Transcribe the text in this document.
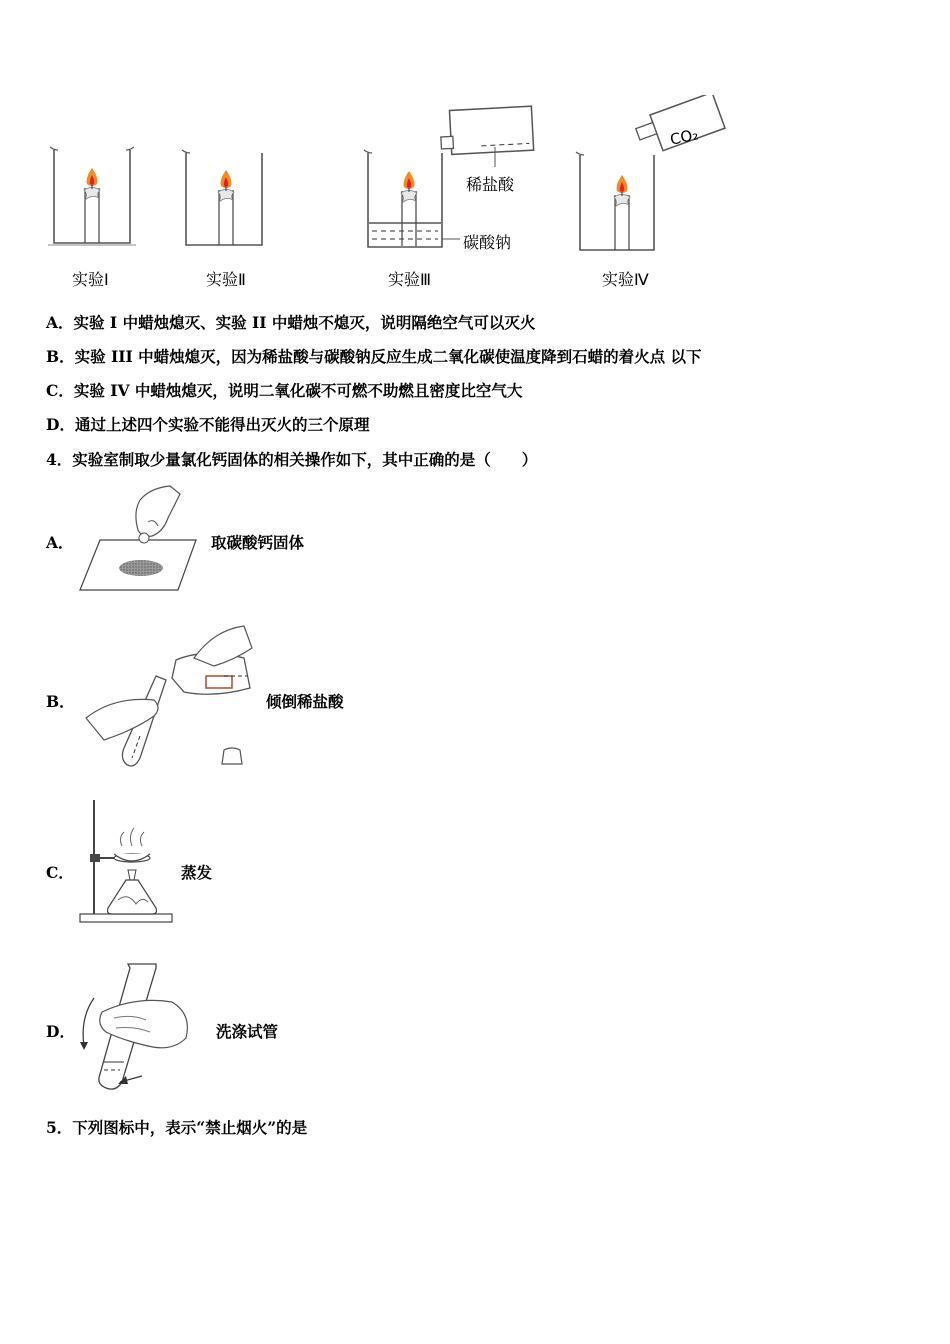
实验Ⅰ	实验Ⅱ	实验Ⅲ	实验Ⅳ
稀盐酸
碳酸钠
CO₂
A．实验 I 中蜡烛熄灭、实验 II 中蜡烛不熄灭，说明隔绝空气可以灭火
B．实验 III 中蜡烛熄灭，因为稀盐酸与碳酸钠反应生成二氧化碳使温度降到石蜡的着火点 以下
C．实验 IV 中蜡烛熄灭，说明二氧化碳不可燃不助燃且密度比空气大
D．通过上述四个实验不能得出灭火的三个原理
4．实验室制取少量氯化钙固体的相关操作如下，其中正确的是（　　）
A．	取碳酸钙固体
B．	倾倒稀盐酸
C．	蒸发
D．	洗涤试管
5．下列图标中，表示“禁止烟火”的是
